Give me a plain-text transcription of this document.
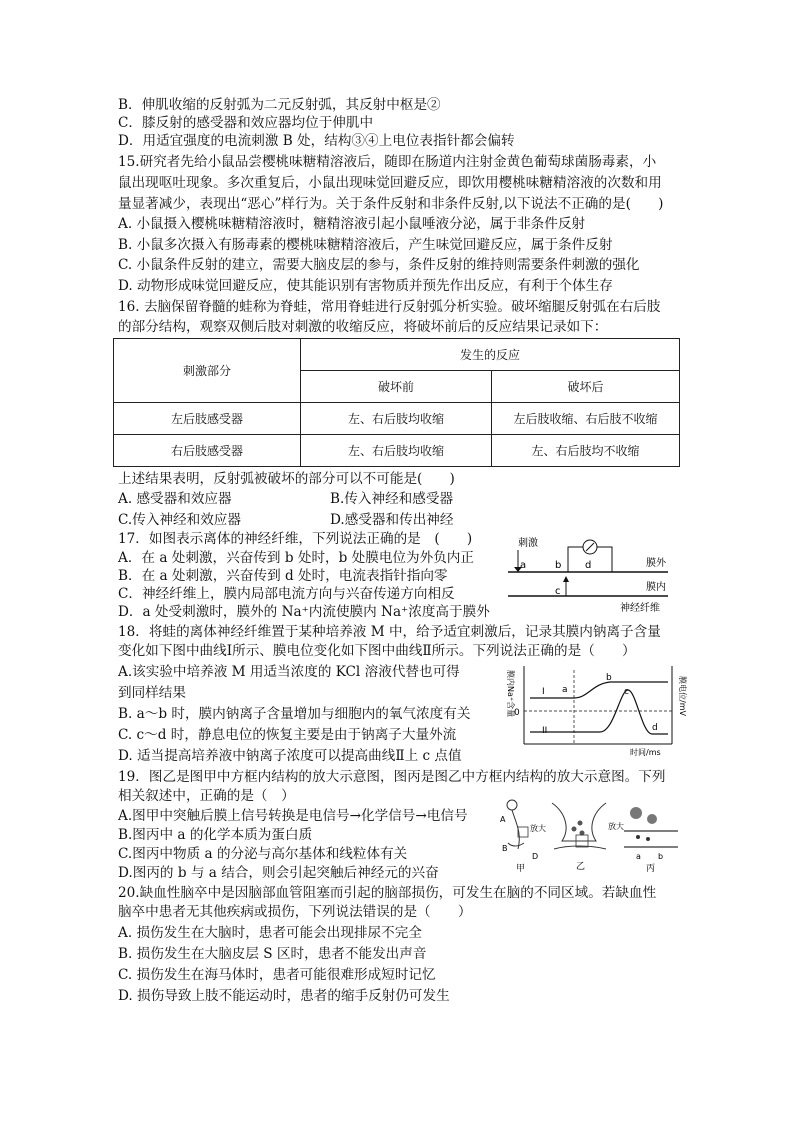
B．伸肌收缩的反射弧为二元反射弧，其反射中枢是②
C．膝反射的感受器和效应器均位于伸肌中
D．用适宜强度的电流刺激 B 处，结构③④上电位表指针都会偏转
15.研究者先给小鼠品尝樱桃味糖精溶液后，随即在肠道内注射金黄色葡萄球菌肠毒素，小
鼠出现呕吐现象。多次重复后，小鼠出现味觉回避反应，即饮用樱桃味糖精溶液的次数和用
量显著减少，表现出“恶心”样行为。关于条件反射和非条件反射,以下说法不正确的是(　　)
A. 小鼠摄入樱桃味糖精溶液时，糖精溶液引起小鼠唾液分泌，属于非条件反射
B. 小鼠多次摄入有肠毒素的樱桃味糖精溶液后，产生味觉回避反应，属于条件反射
C. 小鼠条件反射的建立，需要大脑皮层的参与，条件反射的维持则需要条件刺激的强化
D. 动物形成味觉回避反应，使其能识别有害物质并预先作出反应，有利于个体生存
16. 去脑保留脊髓的蛙称为脊蛙，常用脊蛙进行反射弧分析实验。破坏缩腿反射弧在右后肢
的部分结构，观察双侧后肢对刺激的收缩反应，将破坏前后的反应结果记录如下：
刺激部分	发生的反应	
	破坏前	破坏后
左后肢感受器	左、右后肢均收缩	左后肢收缩、右后肢不收缩
右后肢感受器	左、右后肢均收缩	左、右后肢均不收缩
上述结果表明，反射弧被破坏的部分可以不可能是(　　)
A. 感受器和效应器	B.传入神经和感受器
C.传入神经和效应器	D.感受器和传出神经
17．如图表示离体的神经纤维，下列说法正确的是　(　　)
A．在 a 处刺激，兴奋传到 b 处时，b 处膜电位为外负内正
B．在 a 处刺激，兴奋传到 d 处时，电流表指针指向零
C．神经纤维上，膜内局部电流方向与兴奋传递方向相反
D．a 处受刺激时，膜外的 Na⁺内流使膜内 Na⁺浓度高于膜外
刺激
a	b
c
d	膜外
膜内
神经纤维
18．将蛙的离体神经纤维置于某种培养液 M 中，给予适宜刺激后，记录其膜内钠离子含量
变化如下图中曲线Ⅰ所示、膜电位变化如下图中曲线Ⅱ所示。下列说法正确的是（　　）
A.该实验中培养液 M 用适当浓度的 KCl 溶液代替也可得
到同样结果
B. a～b 时，膜内钠离子含量增加与细胞内的氧气浓度有关
C. c～d 时，静息电位的恢复主要是由于钠离子大量外流
D. 适当提高培养液中钠离子浓度可以提高曲线Ⅱ上 c 点值
膜内Na⁺含量	膜电位/mV
0
I
II
a
b
c
d
时间/ms
19．图乙是图甲中方框内结构的放大示意图，图丙是图乙中方框内结构的放大示意图。下列
相关叙述中，正确的是（　）
A.图甲中突触后膜上信号转换是电信号→化学信号→电信号
B.图丙中 a 的化学本质为蛋白质
C.图丙中物质 a 的分泌与高尔基体和线粒体有关
D.图丙的 b 与 a 结合，则会引起突触后神经元的兴奋
A
B
D
甲
放大
乙
放大
a b
丙
20.缺血性脑卒中是因脑部血管阻塞而引起的脑部损伤，可发生在脑的不同区域。若缺血性
脑卒中患者无其他疾病或损伤，下列说法错误的是（　　）
A. 损伤发生在大脑时，患者可能会出现排尿不完全
B. 损伤发生在大脑皮层 S 区时，患者不能发出声音
C. 损伤发生在海马体时，患者可能很难形成短时记忆
D. 损伤导致上肢不能运动时，患者的缩手反射仍可发生
